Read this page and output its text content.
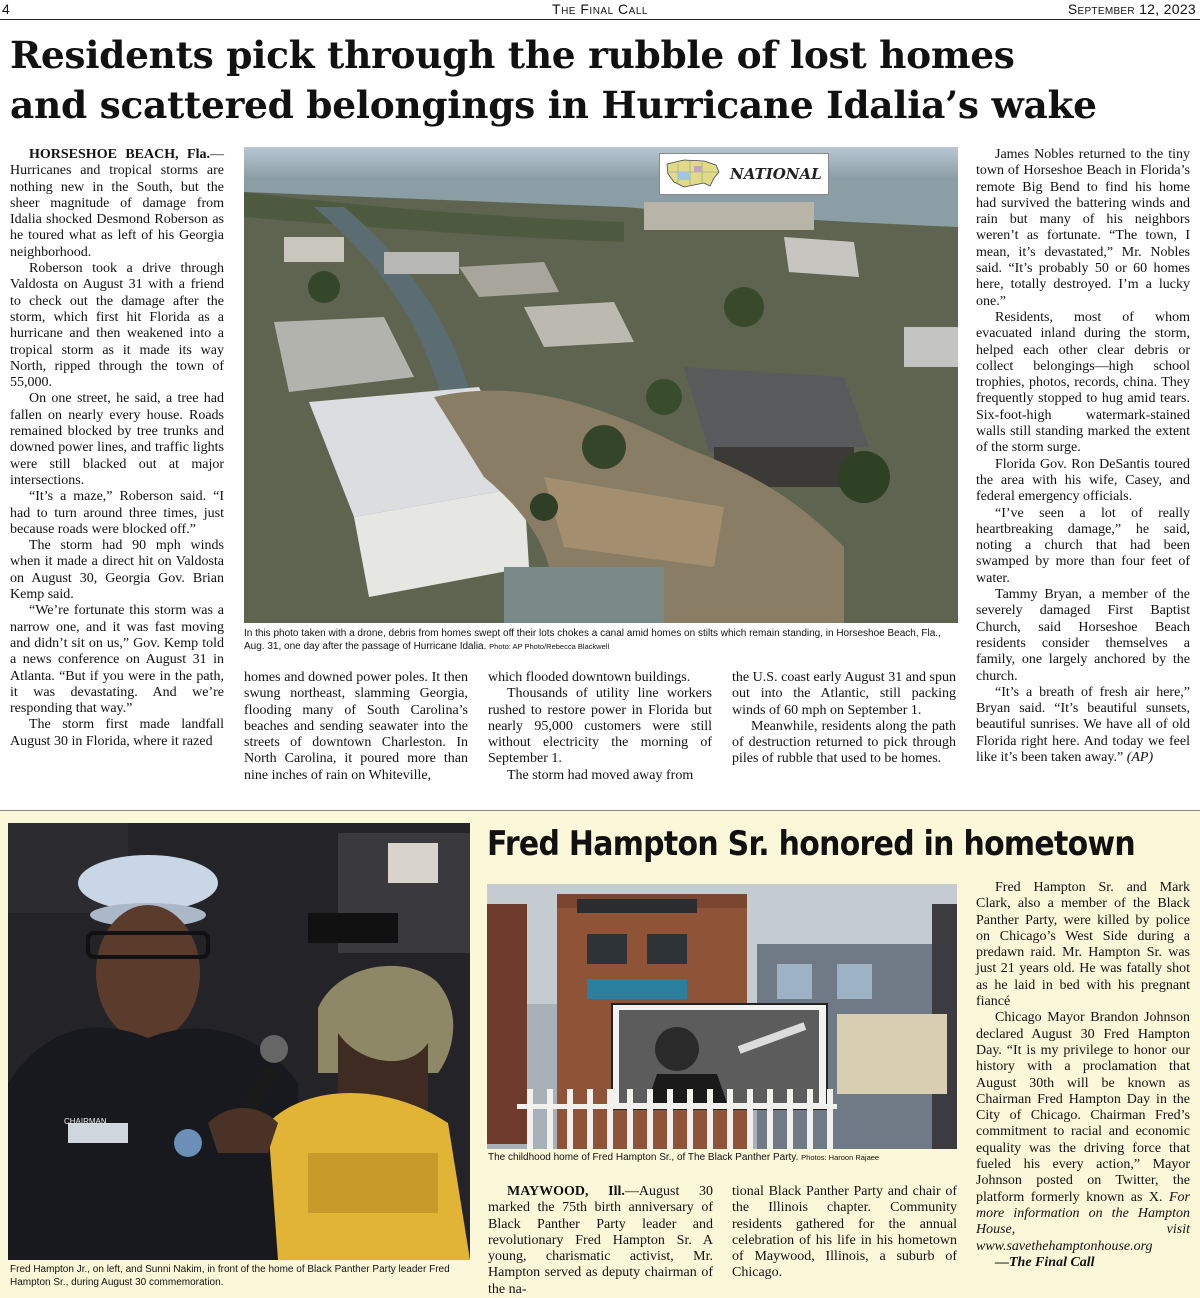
4	The Final Call	September 12, 2023
Residents pick through the rubble of lost homes
and scattered belongings in Hurricane Idalia’s wake

HORSESHOE BEACH, Fla.—Hurricanes and tropical storms are nothing new in the South, but the sheer magnitude of damage from Idalia shocked Desmond Roberson as he toured what as left of his Georgia neighborhood.

Roberson took a drive through Valdosta on August 31 with a friend to check out the damage after the storm, which first hit Florida as a hurricane and then weakened into a tropical storm as it made its way North, ripped through the town of 55,000.

On one street, he said, a tree had fallen on nearly every house. Roads remained blocked by tree trunks and downed power lines, and traffic lights were still blacked out at major intersections.

“It’s a maze,” Roberson said. “I had to turn around three times, just because roads were blocked off.”

The storm had 90 mph winds when it made a direct hit on Valdosta on August 30, Georgia Gov. Brian Kemp said.

“We’re fortunate this storm was a narrow one, and it was fast moving and didn’t sit on us,” Gov. Kemp told a news conference on August 31 in Atlanta. “But if you were in the path, it was devastating. And we’re responding that way.”

The storm first made landfall August 30 in Florida, where it razed

NATIONAL
In this photo taken with a drone, debris from homes swept off their lots chokes a canal amid homes on stilts which remain standing, in Horseshoe Beach, Fla., Aug. 31, one day after the passage of Hurricane Idalia. Photo: AP Photo/Rebecca Blackwell

homes and downed power poles. It then swung northeast, slamming Georgia, flooding many of South Carolina’s beaches and sending seawater into the streets of downtown Charleston. In North Carolina, it poured more than nine inches of rain on Whiteville,

which flooded downtown buildings.

Thousands of utility line workers rushed to restore power in Florida but nearly 95,000 customers were still without electricity the morning of September 1.

The storm had moved away from

the U.S. coast early August 31 and spun out into the Atlantic, still packing winds of 60 mph on September 1.

Meanwhile, residents along the path of destruction returned to pick through piles of rubble that used to be homes.

James Nobles returned to the tiny town of Horseshoe Beach in Florida’s remote Big Bend to find his home had survived the battering winds and rain but many of his neighbors weren’t as fortunate. “The town, I mean, it’s devastated,” Mr. Nobles said. “It’s probably 50 or 60 homes here, totally destroyed. I’m a lucky one.”

Residents, most of whom evacuated inland during the storm, helped each other clear debris or collect belongings—high school trophies, photos, records, china. They frequently stopped to hug amid tears. Six-foot-high watermark-stained walls still standing marked the extent of the storm surge.

Florida Gov. Ron DeSantis toured the area with his wife, Casey, and federal emergency officials.

“I’ve seen a lot of really heartbreaking damage,” he said, noting a church that had been swamped by more than four feet of water.

Tammy Bryan, a member of the severely damaged First Baptist Church, said Horseshoe Beach residents consider themselves a family, one largely anchored by the church.

“It’s a breath of fresh air here,” Bryan said. “It’s beautiful sunsets, beautiful sunrises. We have all of old Florida right here. And today we feel like it’s been taken away.” (AP)

CHAIRMAN
Fred Hampton Jr., on left, and Sunni Nakim, in front of the home of Black Panther Party leader Fred Hampton Sr., during August 30 commemoration.
Fred Hampton Sr. honored in hometown
The childhood home of Fred Hampton Sr., of The Black Panther Party. Photos: Haroon Rajaee

MAYWOOD, Ill.—August 30 marked the 75th birth anniversary of Black Panther Party leader and revolutionary Fred Hampton Sr. A young, charismatic activist, Mr. Hampton served as deputy chairman of the na-

tional Black Panther Party and chair of the Illinois chapter. Community residents gathered for the annual celebration of his life in his hometown of Maywood, Illinois, a suburb of Chicago.

Fred Hampton Sr. and Mark Clark, also a member of the Black Panther Party, were killed by police on Chicago’s West Side during a predawn raid. Mr. Hampton Sr. was just 21 years old. He was fatally shot as he laid in bed with his pregnant fiancé

Chicago Mayor Brandon Johnson declared August 30 Fred Hampton Day. “It is my privilege to honor our history with a proclamation that August 30th will be known as Chairman Fred Hampton Day in the City of Chicago. Chairman Fred’s commitment to racial and economic equality was the driving force that fueled his every action,” Mayor Johnson posted on Twitter, the platform formerly known as X. For more information on the Hampton House, visit www.savethehamptonhouse.org

—The Final Call
